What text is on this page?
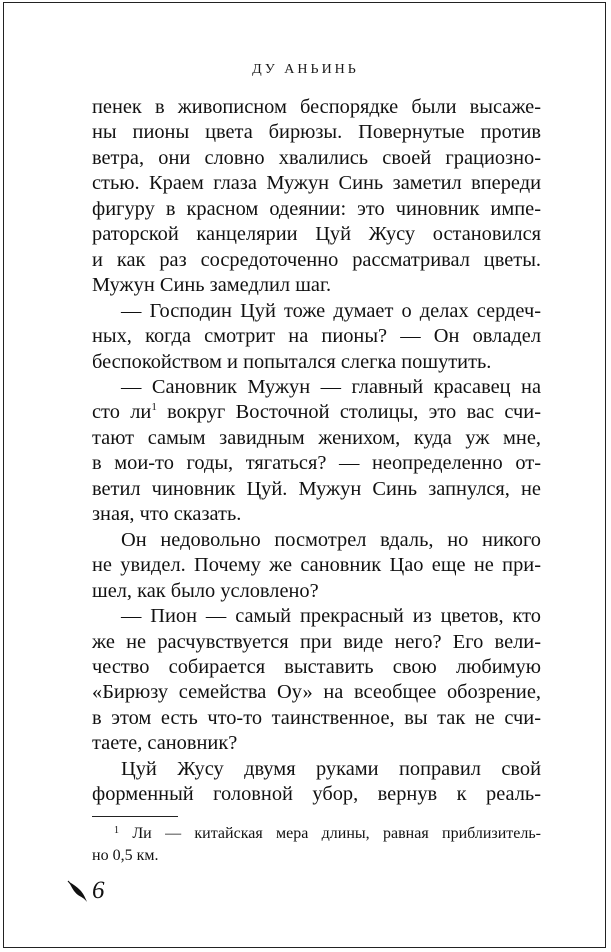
ДУ АНЬИНЬ
пенек в живописном беспорядке были высаже-
ны пионы цвета бирюзы. Повернутые против
ветра, они словно хвалились своей грациозно-
стью. Краем глаза Мужун Синь заметил впереди
фигуру в красном одеянии: это чиновник импе-
раторской канцелярии Цуй Жусу остановился
и как раз сосредоточенно рассматривал цветы.
Мужун Синь замедлил шаг.
— Господин Цуй тоже думает о делах сердеч-
ных, когда смотрит на пионы? — Он овладел
беспокойством и попытался слегка пошутить.
— Сановник Мужун — главный красавец на
сто $ли^1$ вокруг Восточной столицы, это вас счи-
тают самым завидным женихом, куда уж мне,
в мои-то годы, тягаться? — неопределенно от-
ветил чиновник Цуй. Мужун Синь запнулся, не
зная, что сказать.
Он недовольно посмотрел вдаль, но никого
не увидел. Почему же сановник Цао еще не при-
шел, как было условлено?
— Пион — самый прекрасный из цветов, кто
же не расчувствуется при виде него? Его вели-
чество собирается выставить свою любимую
«Бирюзу семейства Оу» на всеобщее обозрение,
в этом есть что-то таинственное, вы так не счи-
таете, сановник?
Цуй Жусу двумя руками поправил свой
форменный головной убор, вернув к реаль-
$^1$ Ли — китайская мера длины, равная приблизитель-
но 0,5 км.
6
